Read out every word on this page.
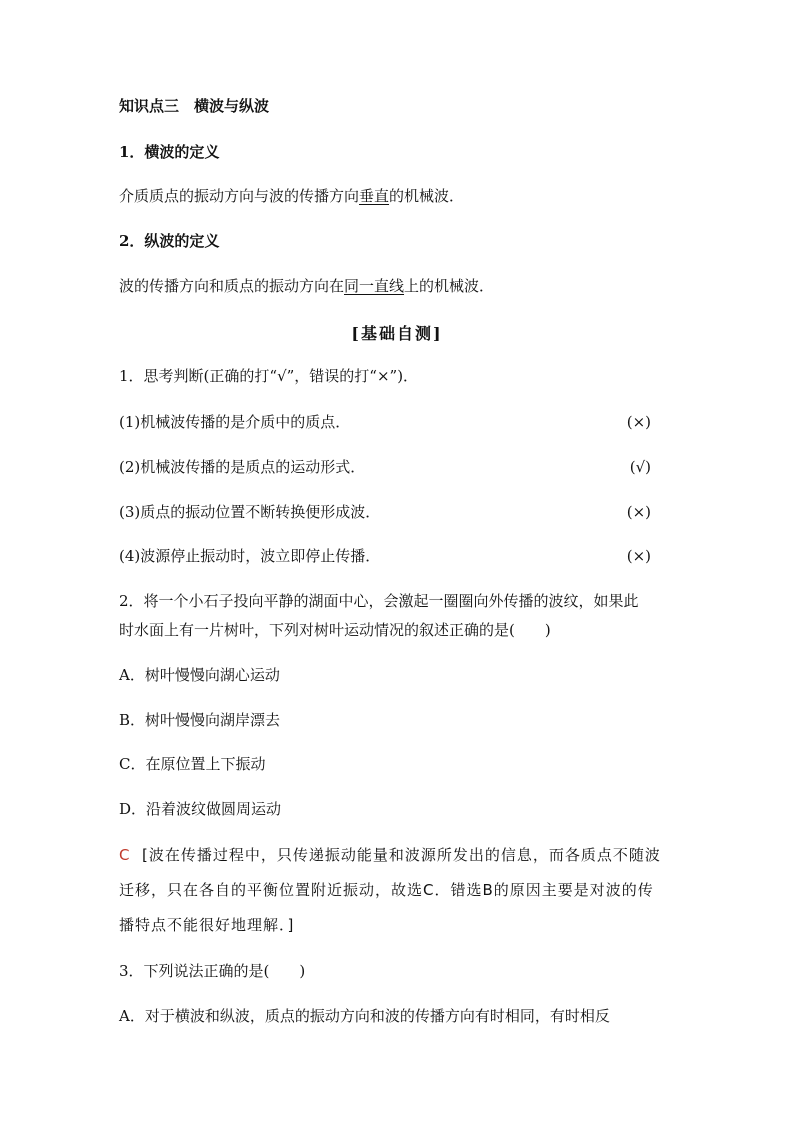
知识点三　横波与纵波
1．横波的定义
介质质点的振动方向与波的传播方向垂直的机械波．
2．纵波的定义
波的传播方向和质点的振动方向在同一直线上的机械波．
[基础自测]
1．思考判断(正确的打“√”，错误的打“×”)．
(1)机械波传播的是介质中的质点．	(×)
(2)机械波传播的是质点的运动形式．	(√)
(3)质点的振动位置不断转换便形成波．	(×)
(4)波源停止振动时，波立即停止传播．	(×)
2．将一个小石子投向平静的湖面中心，会激起一圈圈向外传播的波纹，如果此
时水面上有一片树叶，下列对树叶运动情况的叙述正确的是(　　)
A．树叶慢慢向湖心运动
B．树叶慢慢向湖岸漂去
C．在原位置上下振动
D．沿着波纹做圆周运动
C [波在传播过程中，只传递振动能量和波源所发出的信息，而各质点不随波
迁移，只在各自的平衡位置附近振动，故选C．错选B的原因主要是对波的传
播特点不能很好地理解．]
3．下列说法正确的是(　　)
A．对于横波和纵波，质点的振动方向和波的传播方向有时相同，有时相反
